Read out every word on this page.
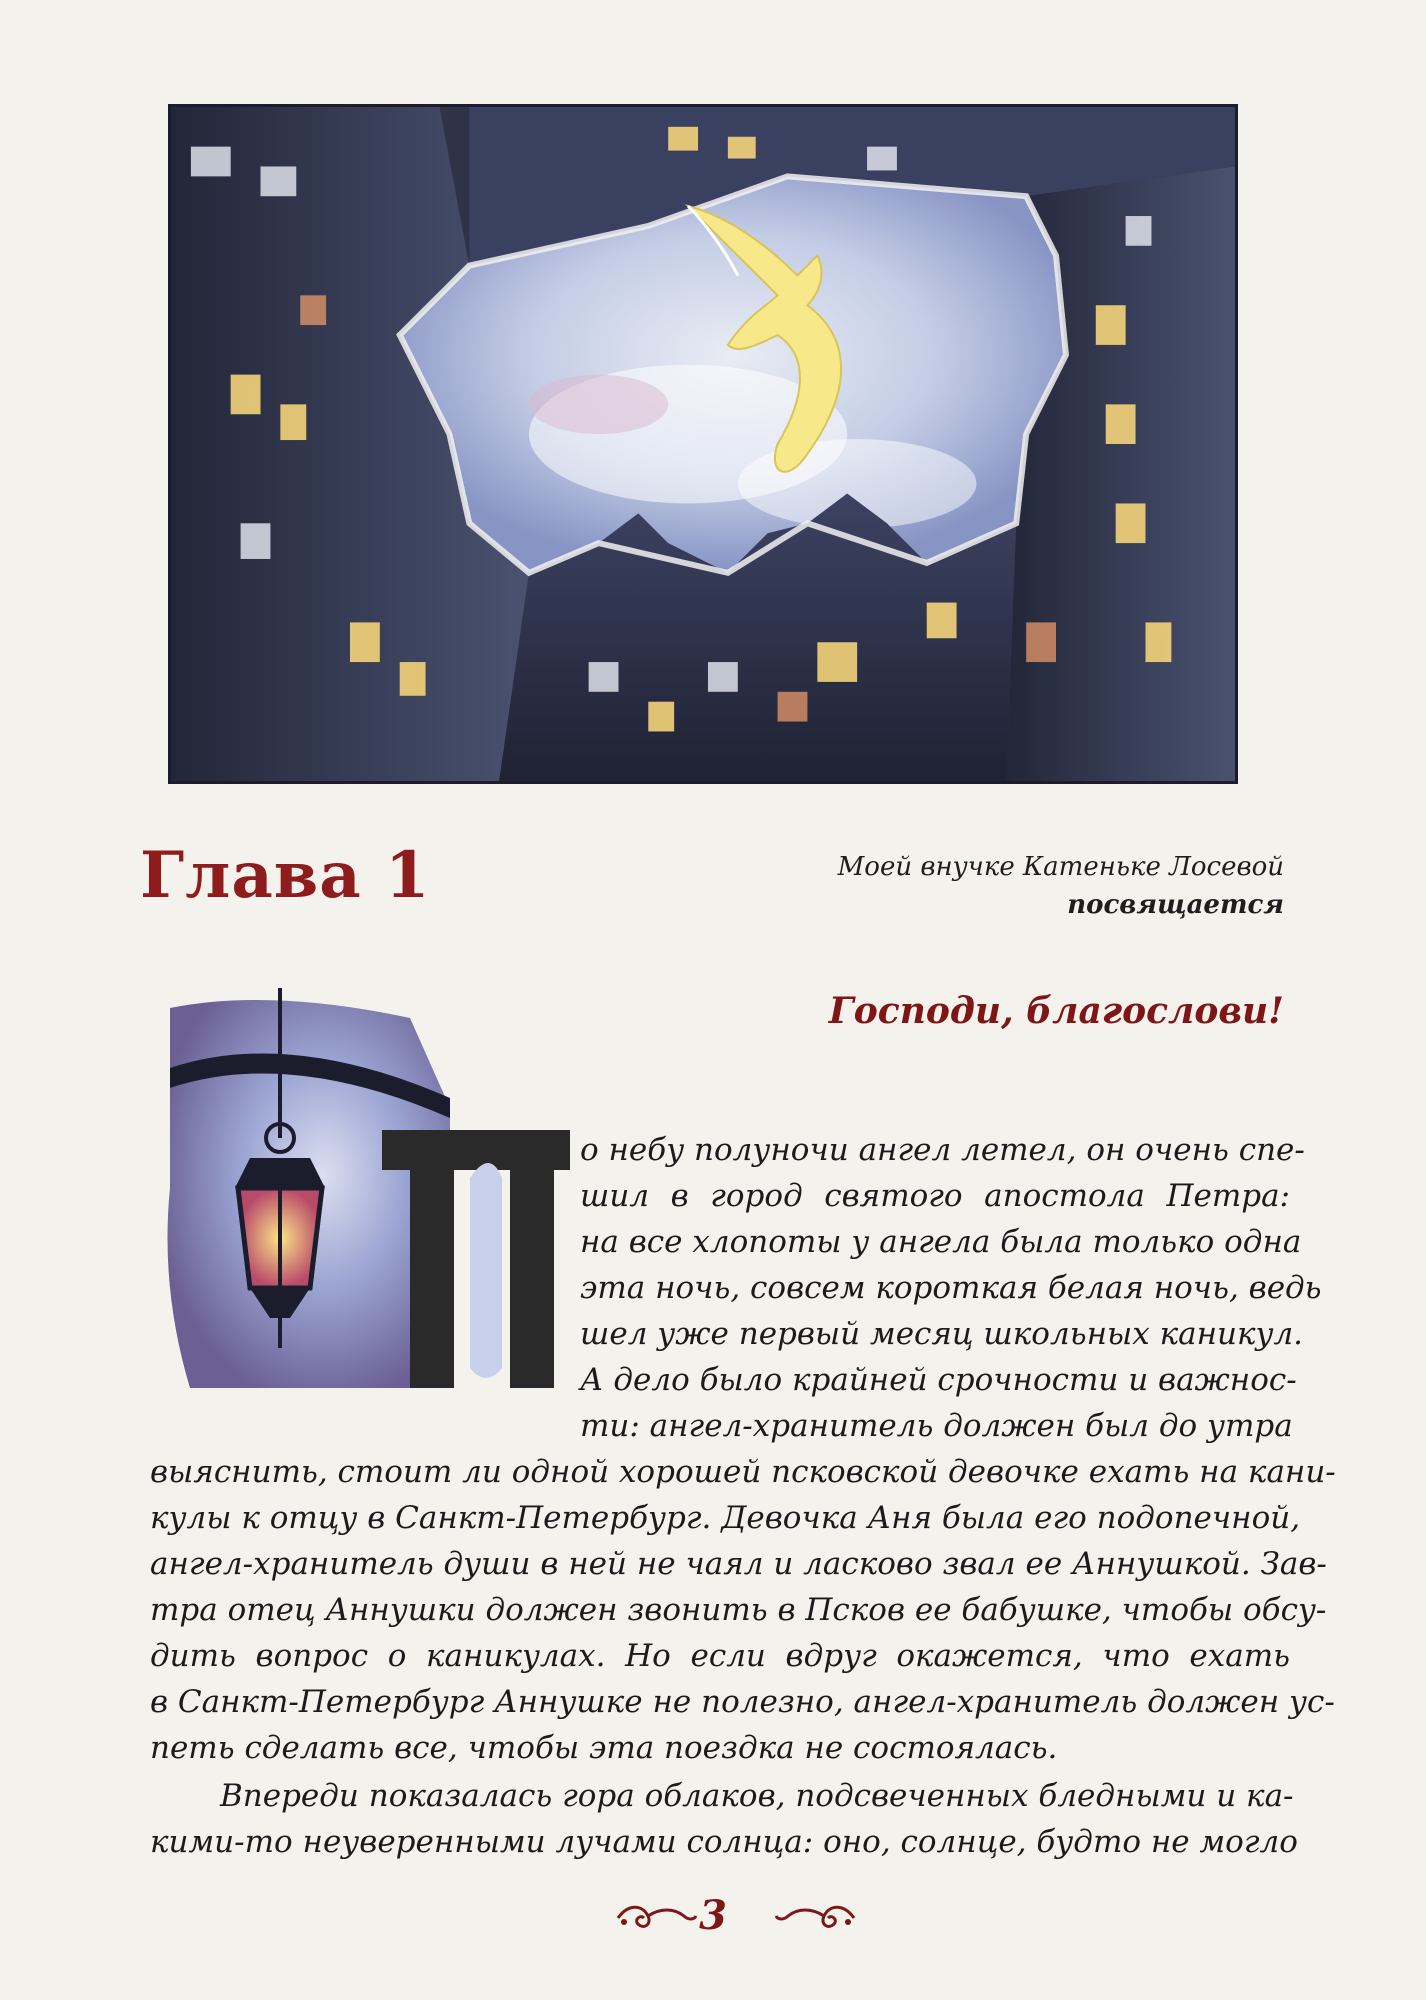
Глава 1	Моей внучке Катеньке Лосевой
посвящается
Господи, благослови!
о небу полуночи ангел летел, он очень спе-
шил в город святого апостола Петра:
на все хлопоты у ангела была только одна
эта ночь, совсем короткая белая ночь, ведь
шел уже первый месяц школьных каникул.
А дело было крайней срочности и важнос-
ти: ангел-хранитель должен был до утра
выяснить, стоит ли одной хорошей псковской девочке ехать на кани-
кулы к отцу в Санкт-Петербург. Девочка Аня была его подопечной,
ангел-хранитель души в ней не чаял и ласково звал ее Аннушкой. Зав-
тра отец Аннушки должен звонить в Псков ее бабушке, чтобы обсу-
дить вопрос о каникулах. Но если вдруг окажется, что ехать
в Санкт-Петербург Аннушке не полезно, ангел-хранитель должен ус-
петь сделать все, чтобы эта поездка не состоялась.
Впереди показалась гора облаков, подсвеченных бледными и ка-
кими-то неуверенными лучами солнца: оно, солнце, будто не могло
3
